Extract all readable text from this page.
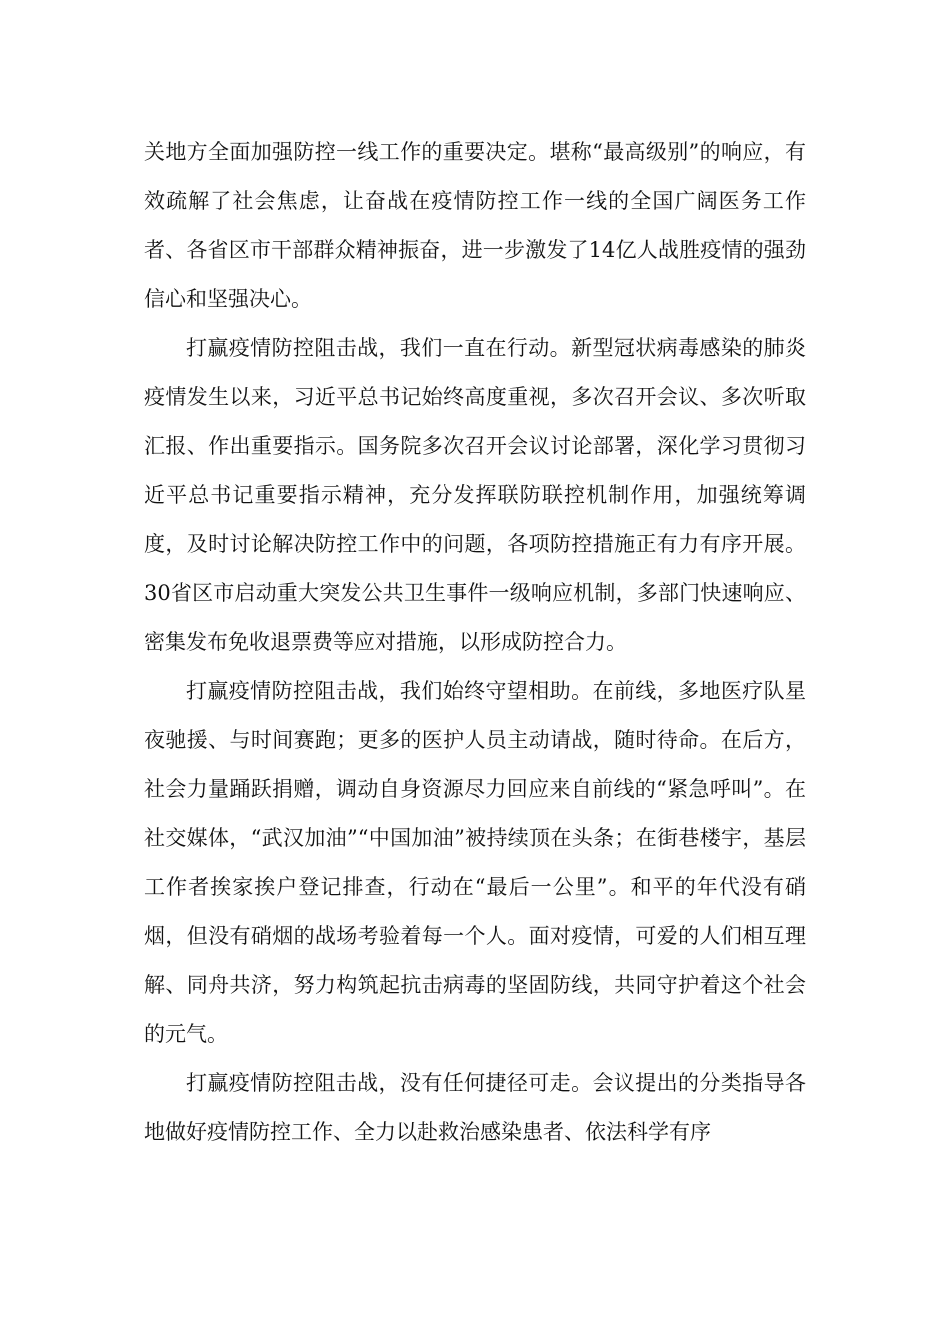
关地方全面加强防控一线工作的重要决定。堪称“最高级别”的响应，有效疏解了社会焦虑，让奋战在疫情防控工作一线的全国广阔医务工作者、各省区市干部群众精神振奋，进一步激发了14亿人战胜疫情的强劲信心和坚强决心。

打赢疫情防控阻击战，我们一直在行动。新型冠状病毒感染的肺炎疫情发生以来，习近平总书记始终高度重视，多次召开会议、多次听取汇报、作出重要指示。国务院多次召开会议讨论部署，深化学习贯彻习近平总书记重要指示精神，充分发挥联防联控机制作用，加强统筹调度，及时讨论解决防控工作中的问题，各项防控措施正有力有序开展。30省区市启动重大突发公共卫生事件一级响应机制，多部门快速响应、密集发布免收退票费等应对措施，以形成防控合力。

打赢疫情防控阻击战，我们始终守望相助。在前线，多地医疗队星夜驰援、与时间赛跑；更多的医护人员主动请战，随时待命。在后方，社会力量踊跃捐赠，调动自身资源尽力回应来自前线的“紧急呼叫”。在社交媒体，“武汉加油”“中国加油”被持续顶在头条；在街巷楼宇，基层工作者挨家挨户登记排查，行动在“最后一公里”。和平的年代没有硝烟，但没有硝烟的战场考验着每一个人。面对疫情，可爱的人们相互理解、同舟共济，努力构筑起抗击病毒的坚固防线，共同守护着这个社会的元气。

打赢疫情防控阻击战，没有任何捷径可走。会议提出的分类指导各地做好疫情防控工作、全力以赴救治感染患者、依法科学有序
